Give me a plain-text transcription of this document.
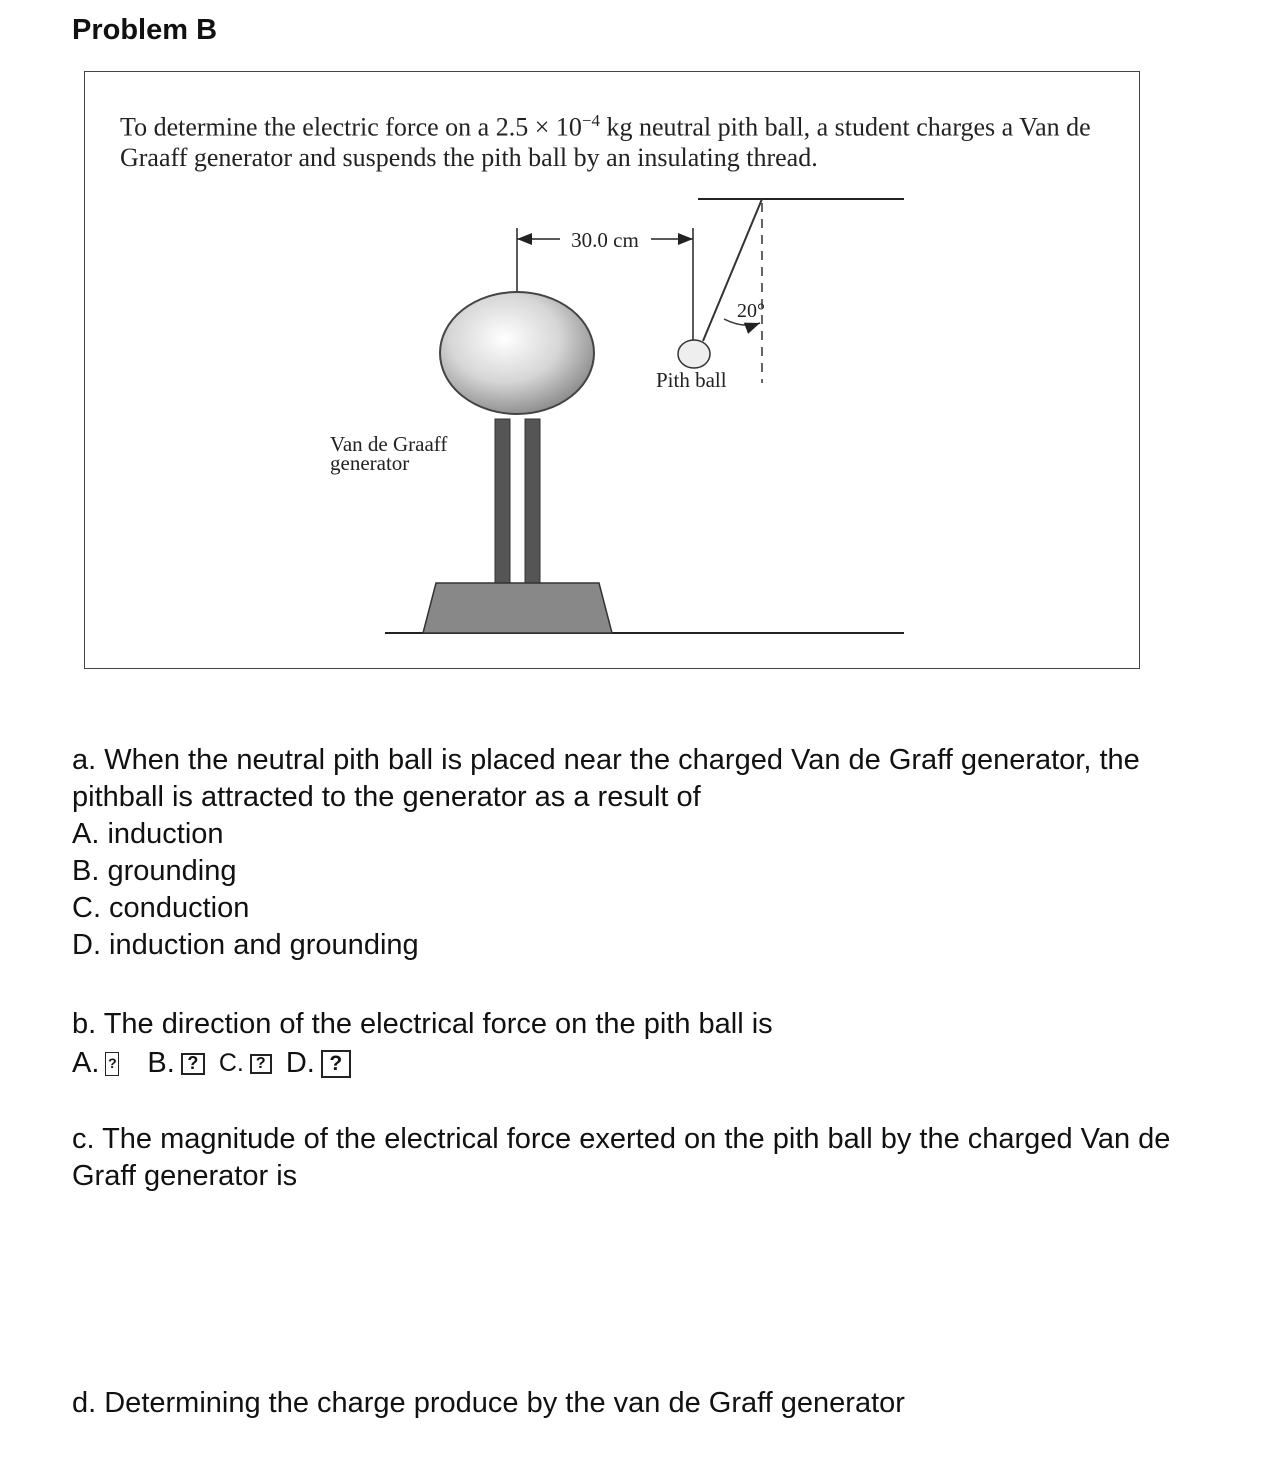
Problem B
To determine the electric force on a $2.5 \times 10^{-4}$ kg neutral pith ball, a student charges a Van de Graaff generator and suspends the pith ball by an insulating thread.
30.0 cm
20°
Pith ball
Van de Graaff
generator
a. When the neutral pith ball is placed near the charged Van de Graff generator, the pithball is attracted to the generator as a result of
A. induction
B. grounding
C. conduction
D. induction and grounding
b. The direction of the electrical force on the pith ball is
A. ? B. ? C. ? D. ?
c. The magnitude of the electrical force exerted on the pith ball by the charged Van de Graff generator is
d. Determining the charge produce by the van de Graff generator
